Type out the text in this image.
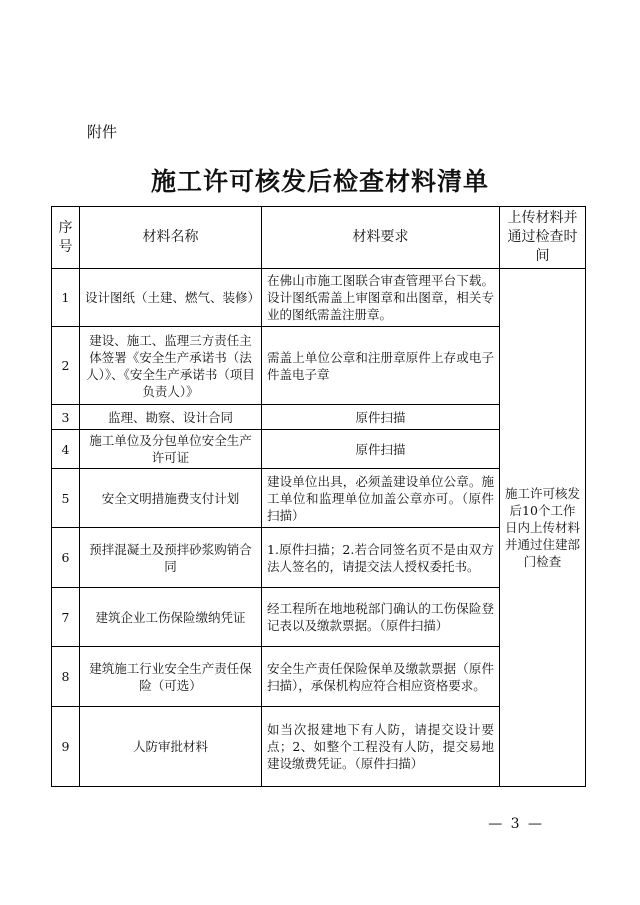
附件
施工许可核发后检查材料清单
序号	材料名称	材料要求	上传材料并通过检查时间
1	设计图纸（土建、燃气、装修）	在佛山市施工图联合审查管理平台下载。设计图纸需盖上审图章和出图章，相关专业的图纸需盖注册章。	施工许可核发后10个工作日内上传材料并通过住建部门检查
2	建设、施工、监理三方责任主体签署《安全生产承诺书（法人）》、《安全生产承诺书（项目负责人）》	需盖上单位公章和注册章原件上存或电子件盖电子章	
3	监理、勘察、设计合同	原件扫描	
4	施工单位及分包单位安全生产许可证	原件扫描	
5	安全文明措施费支付计划	建设单位出具，必须盖建设单位公章。施工单位和监理单位加盖公章亦可。（原件扫描）	
6	预拌混凝土及预拌砂浆购销合同	1.原件扫描；2.若合同签名页不是由双方法人签名的，请提交法人授权委托书。	
7	建筑企业工伤保险缴纳凭证	经工程所在地地税部门确认的工伤保险登记表以及缴款票据。（原件扫描）	
8	建筑施工行业安全生产责任保险（可选）	安全生产责任保险保单及缴款票据（原件扫描），承保机构应符合相应资格要求。	
9	人防审批材料	如当次报建地下有人防，请提交设计要点；2、如整个工程没有人防，提交易地建设缴费凭证。（原件扫描）	
— 3 —
